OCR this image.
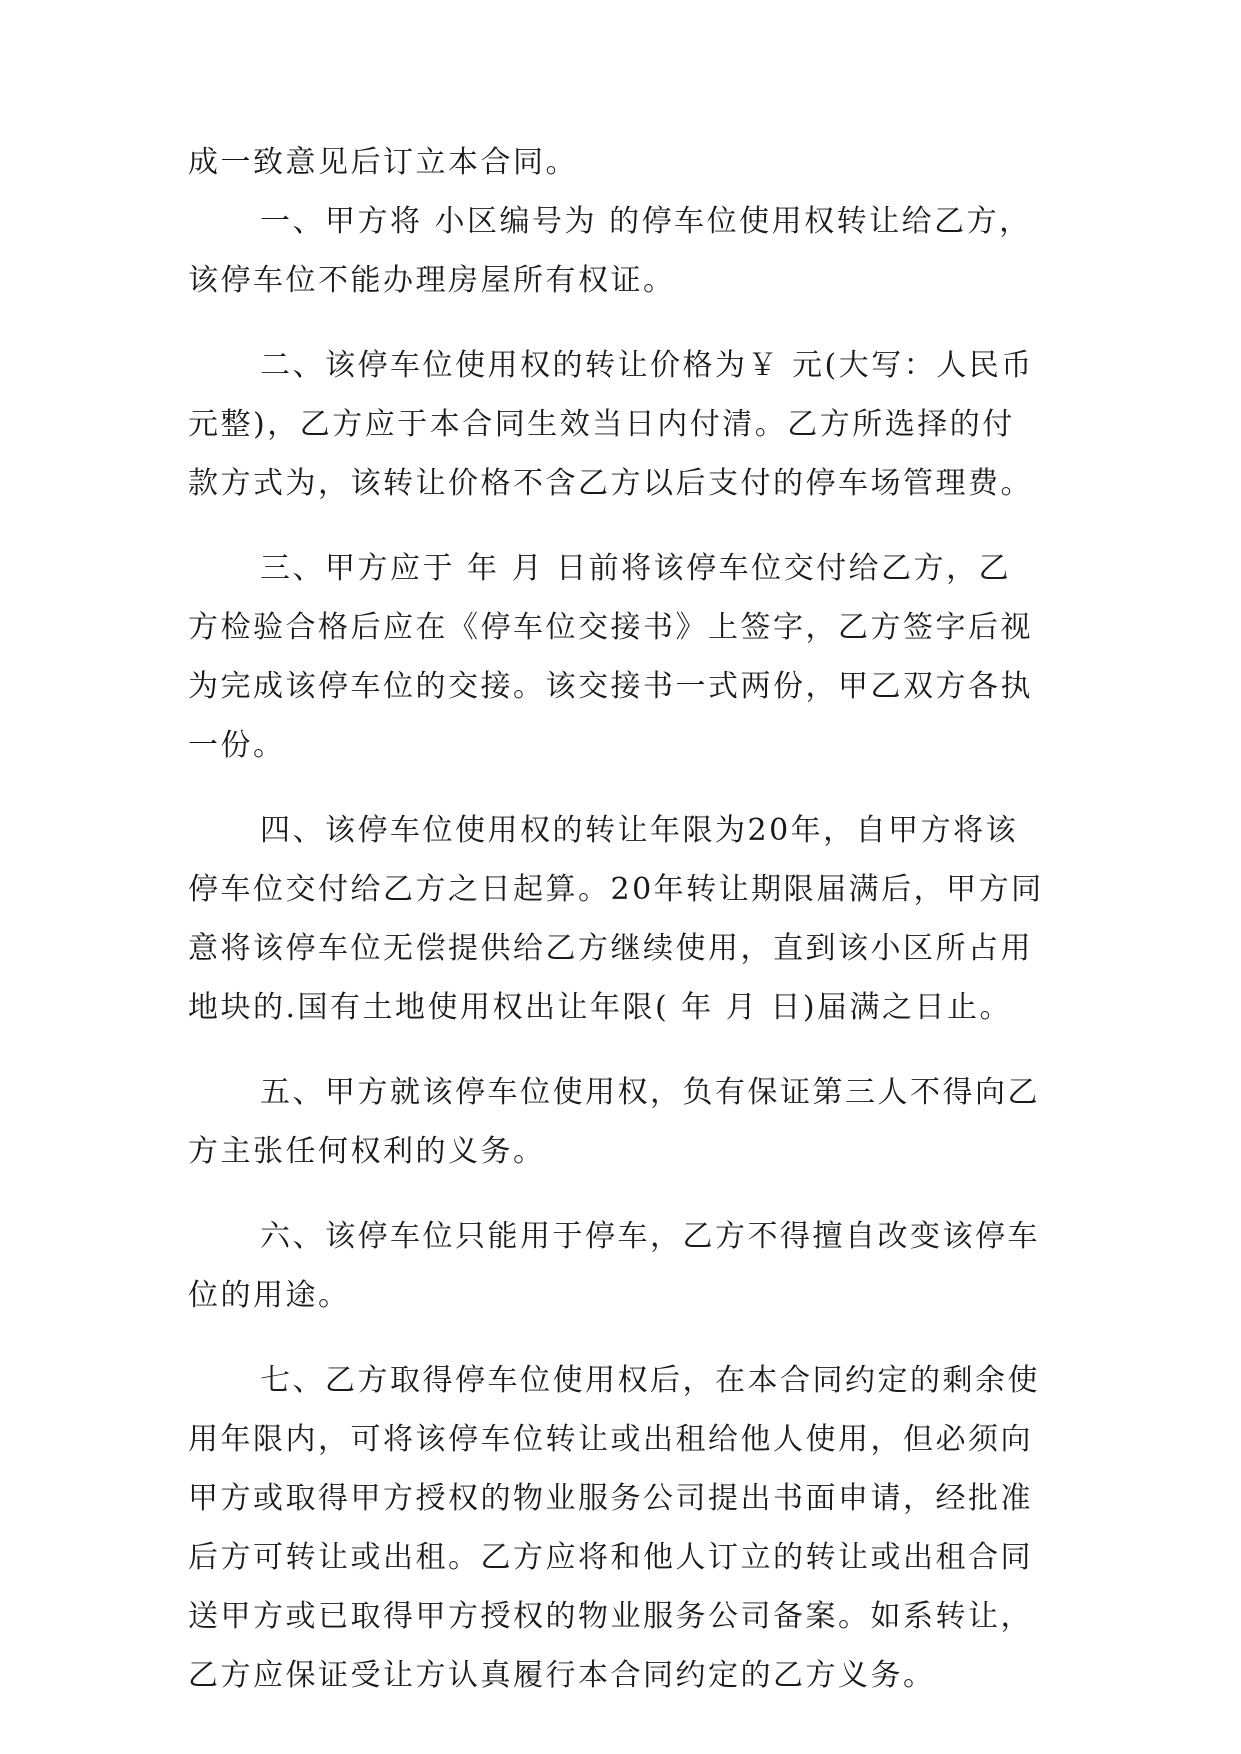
成一致意见后订立本合同。
一、甲方将 小区编号为 的停车位使用权转让给乙方，
该停车位不能办理房屋所有权证。
二、该停车位使用权的转让价格为￥ 元(大写：人民币
元整)，乙方应于本合同生效当日内付清。乙方所选择的付
款方式为，该转让价格不含乙方以后支付的停车场管理费。
三、甲方应于 年 月 日前将该停车位交付给乙方，乙
方检验合格后应在《停车位交接书》上签字，乙方签字后视
为完成该停车位的交接。该交接书一式两份，甲乙双方各执
一份。
四、该停车位使用权的转让年限为20年，自甲方将该
停车位交付给乙方之日起算。20年转让期限届满后，甲方同
意将该停车位无偿提供给乙方继续使用，直到该小区所占用
地块的.国有土地使用权出让年限( 年 月 日)届满之日止。
五、甲方就该停车位使用权，负有保证第三人不得向乙
方主张任何权利的义务。
六、该停车位只能用于停车，乙方不得擅自改变该停车
位的用途。
七、乙方取得停车位使用权后，在本合同约定的剩余使
用年限内，可将该停车位转让或出租给他人使用，但必须向
甲方或取得甲方授权的物业服务公司提出书面申请，经批准
后方可转让或出租。乙方应将和他人订立的转让或出租合同
送甲方或已取得甲方授权的物业服务公司备案。如系转让，
乙方应保证受让方认真履行本合同约定的乙方义务。
